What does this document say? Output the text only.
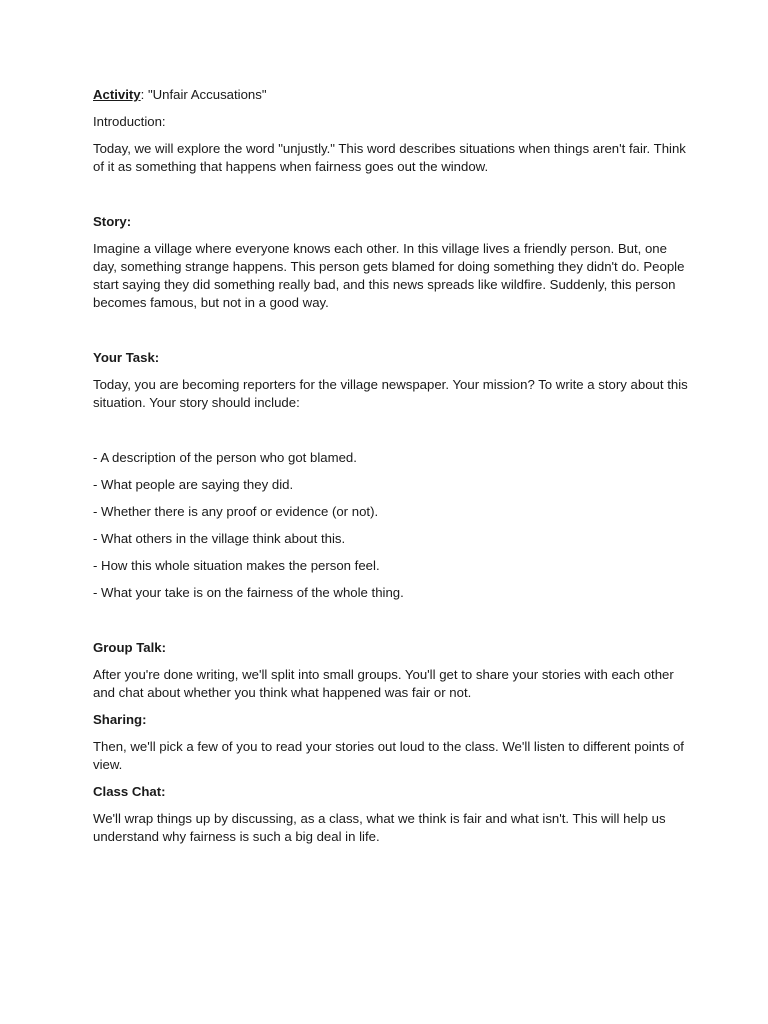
Activity: "Unfair Accusations"

Introduction:

Today, we will explore the word "unjustly." This word describes situations when things aren't fair. Think of it as something that happens when fairness goes out the window.

Story:

Imagine a village where everyone knows each other. In this village lives a friendly person. But, one day, something strange happens. This person gets blamed for doing something they didn't do. People start saying they did something really bad, and this news spreads like wildfire. Suddenly, this person becomes famous, but not in a good way.

Your Task:

Today, you are becoming reporters for the village newspaper. Your mission? To write a story about this situation. Your story should include:

- A description of the person who got blamed.

- What people are saying they did.

- Whether there is any proof or evidence (or not).

- What others in the village think about this.

- How this whole situation makes the person feel.

- What your take is on the fairness of the whole thing.

Group Talk:

After you're done writing, we'll split into small groups. You'll get to share your stories with each other and chat about whether you think what happened was fair or not.

Sharing:

Then, we'll pick a few of you to read your stories out loud to the class. We'll listen to different points of view.

Class Chat:

We'll wrap things up by discussing, as a class, what we think is fair and what isn't. This will help us understand why fairness is such a big deal in life.
